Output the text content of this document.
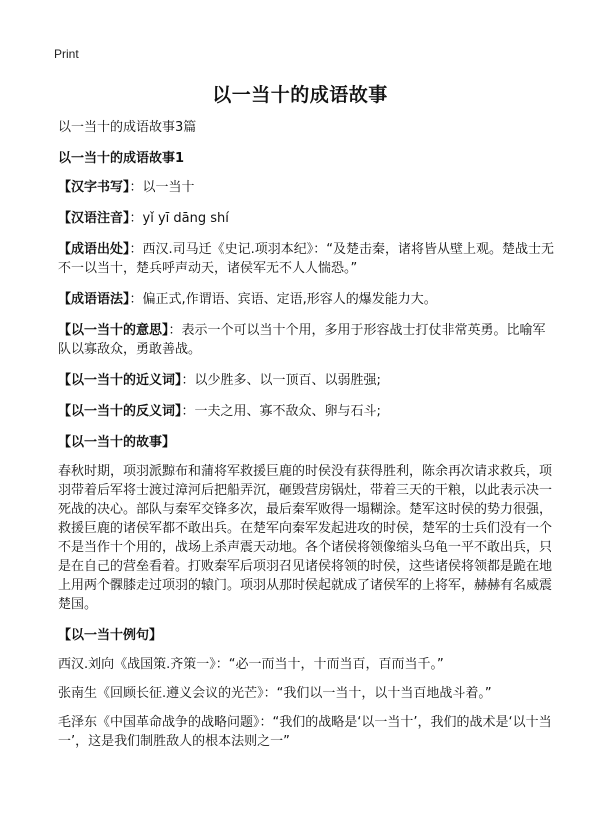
Print
以一当十的成语故事

以一当十的成语故事3篇

以一当十的成语故事1

【汉字书写】：以一当十

【汉语注音】：yǐ yī dāng shí

【成语出处】：西汉.司马迁《史记.项羽本纪》：“及楚击秦，诸将皆从壁上观。楚战士无不一以当十，楚兵呼声动天，诸侯军无不人人惴恐。”

【成语语法】：偏正式,作谓语、宾语、定语,形容人的爆发能力大。

【以一当十的意思】：表示一个可以当十个用，多用于形容战士打仗非常英勇。比喻军队以寡敌众，勇敢善战。

【以一当十的近义词】：以少胜多、以一顶百、以弱胜强;

【以一当十的反义词】：一夫之用、寡不敌众、卵与石斗;

【以一当十的故事】

春秋时期，项羽派黥布和蒲将军救援巨鹿的时侯没有获得胜利，陈余再次请求救兵，项羽带着后军将士渡过漳河后把船弄沉，砸毁营房锅灶，带着三天的干粮，以此表示决一死战的决心。部队与秦军交锋多次，最后秦军败得一塌糊涂。楚军这时侯的势力很强，救援巨鹿的诸侯军都不敢出兵。在楚军向秦军发起进攻的时侯，楚军的士兵们没有一个不是当作十个用的，战场上杀声震天动地。各个诸侯将领像缩头乌龟一平不敢出兵，只是在自己的营垒看着。打败秦军后项羽召见诸侯将领的时侯，这些诸侯将领都是跪在地上用两个髁膝走过项羽的辕门。项羽从那时侯起就成了诸侯军的上将军，赫赫有名威震楚国。

【以一当十例句】

西汉.刘向《战国策.齐策一》：“必一而当十，十而当百，百而当千。”

张南生《回顾长征.遵义会议的光芒》：“我们以一当十，以十当百地战斗着。”

毛泽东《中国革命战争的战略问题》：“我们的战略是‘以一当十’，我们的战术是‘以十当一’，这是我们制胜敌人的根本法则之一”
